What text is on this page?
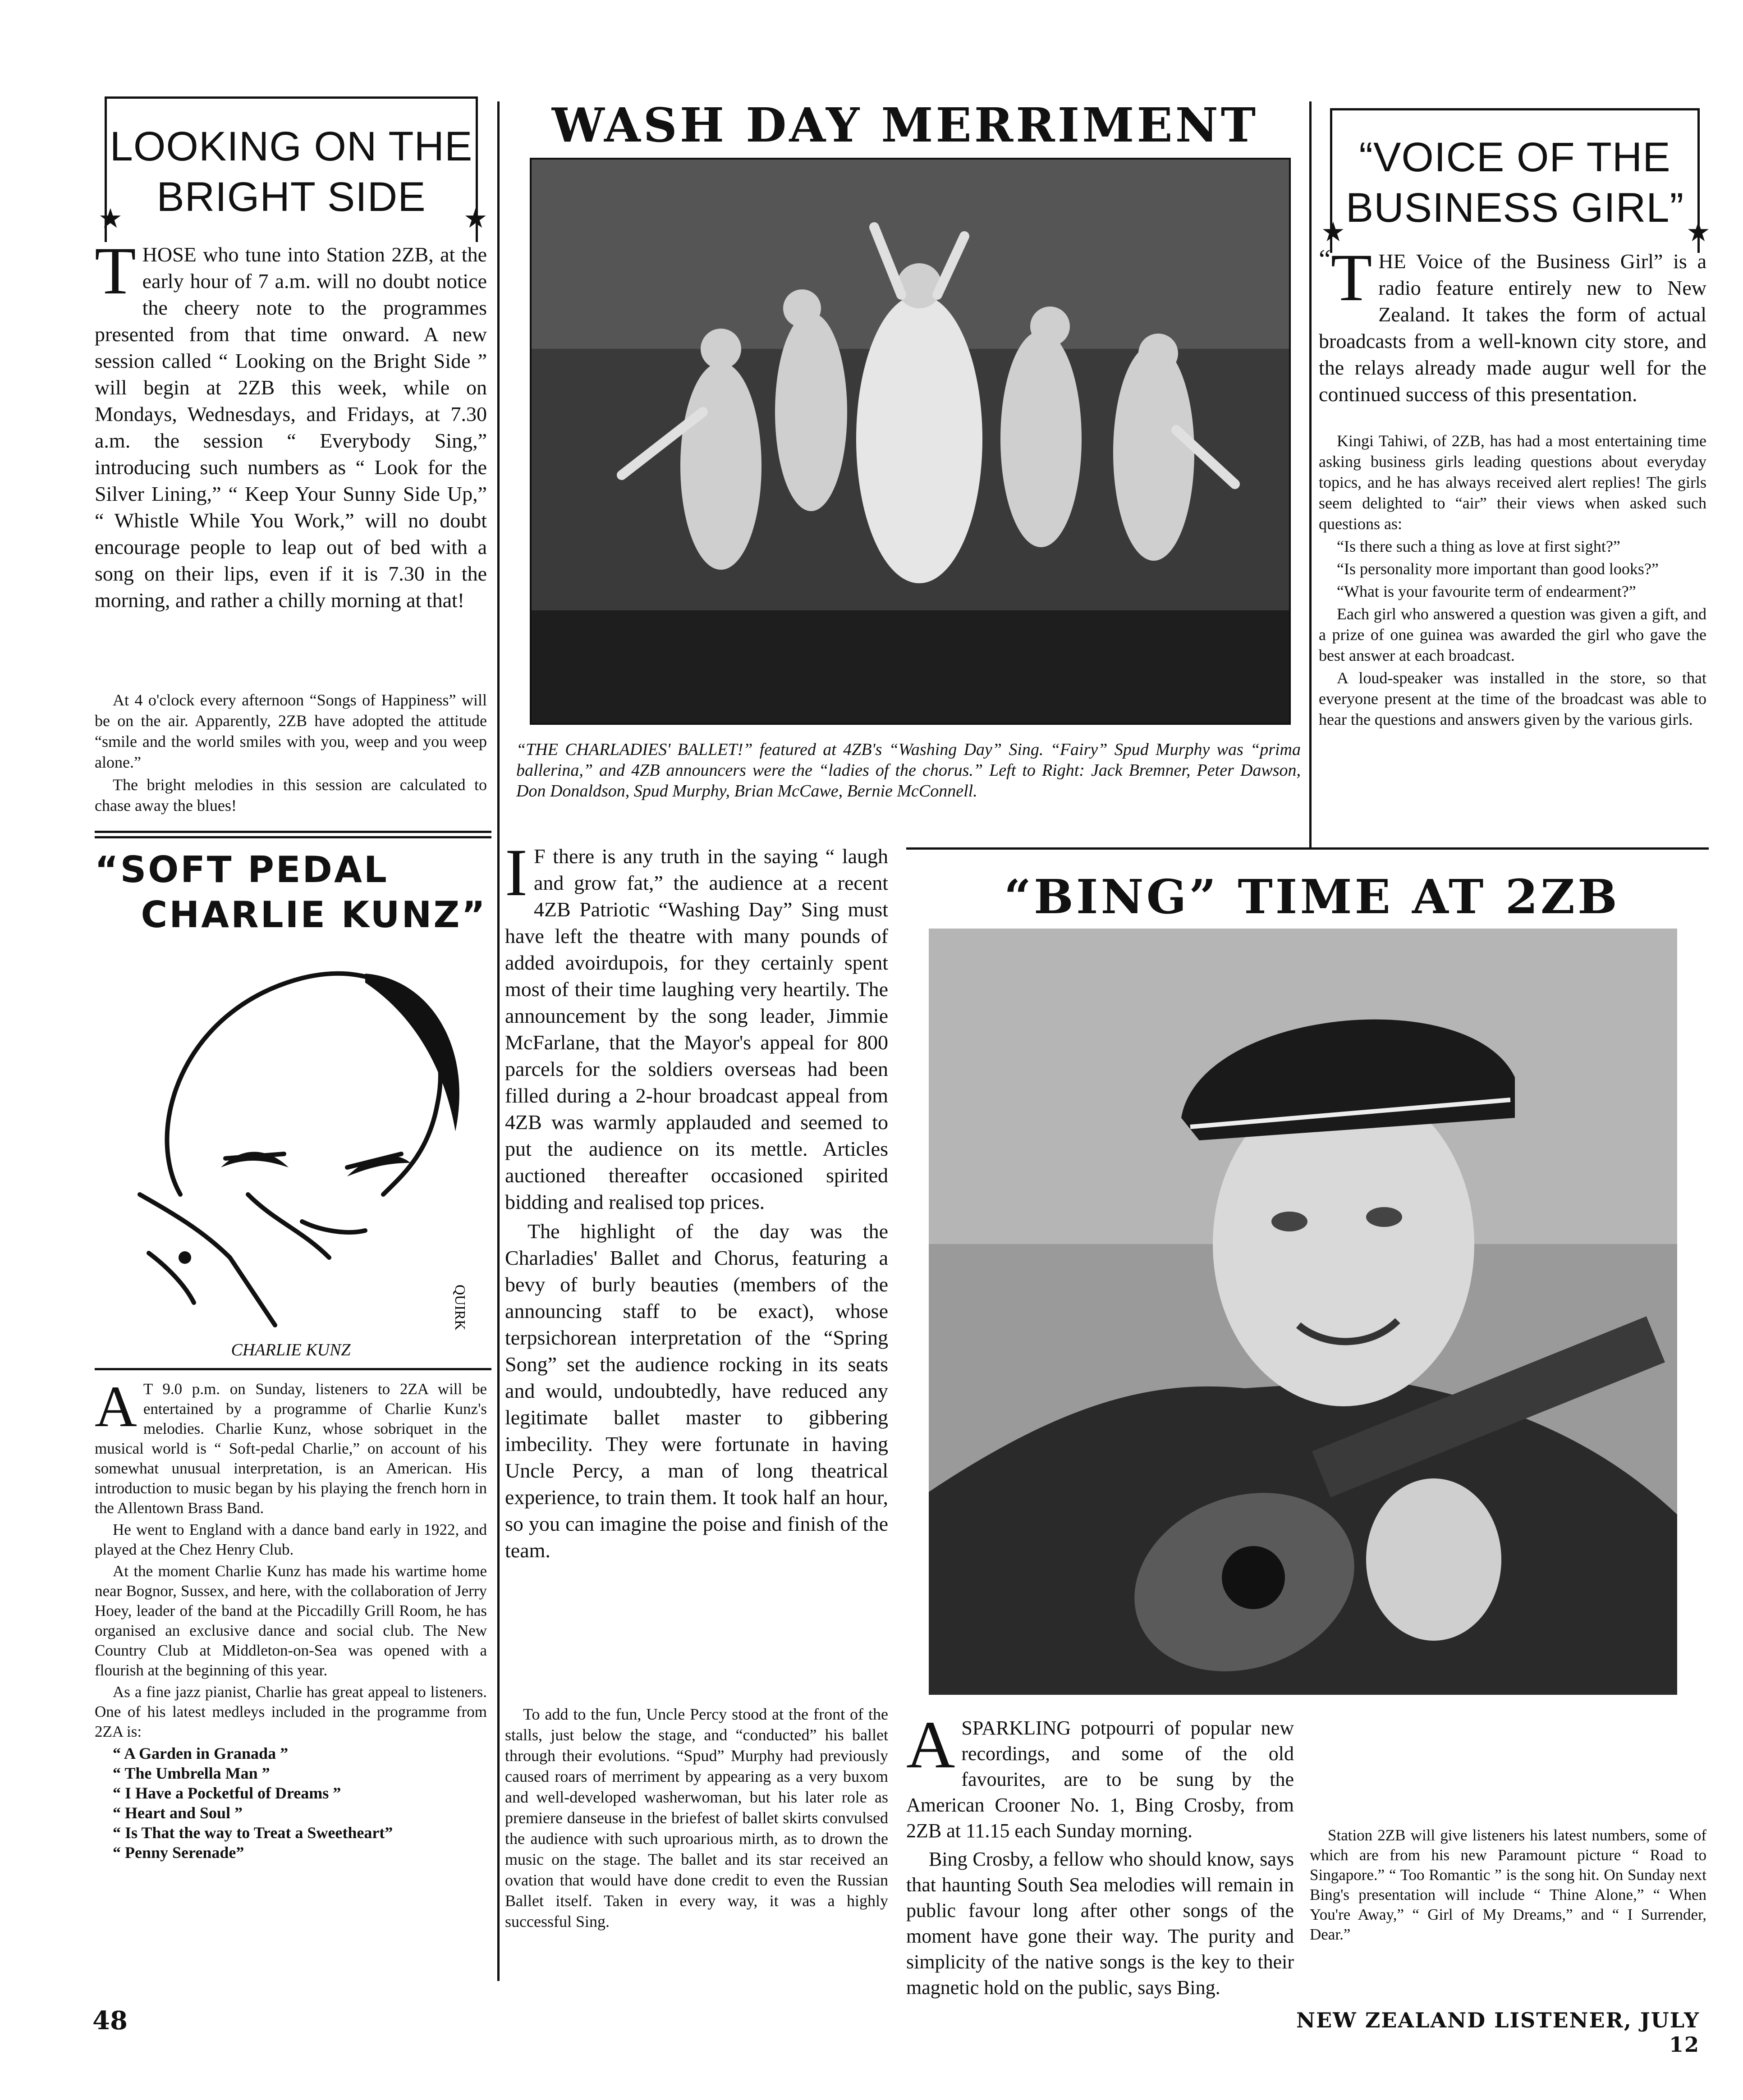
LOOKING ON THE
BRIGHT SIDE
★	★

THOSE who tune into Station 2ZB, at the early hour of 7 a.m. will no doubt notice the cheery note to the programmes presented from that time onward. A new session called “ Looking on the Bright Side ” will begin at 2ZB this week, while on Mondays, Wednesdays, and Fridays, at 7.30 a.m. the session “ Everybody Sing,” introducing such numbers as “ Look for the Silver Lining,” “ Keep Your Sunny Side Up,” “ Whistle While You Work,” will no doubt encourage people to leap out of bed with a song on their lips, even if it is 7.30 in the morning, and rather a chilly morning at that!

At 4 o'clock every afternoon “Songs of Happiness” will be on the air. Apparently, 2ZB have adopted the attitude “smile and the world smiles with you, weep and you weep alone.”

The bright melodies in this session are calculated to chase away the blues!

WASH DAY MERRIMENT
“THE CHARLADIES' BALLET!” featured at 4ZB's “Washing Day” Sing. “Fairy” Spud Murphy was “prima ballerina,” and 4ZB announcers were the “ladies of the chorus.” Left to Right: Jack Bremner, Peter Dawson, Don Donaldson, Spud Murphy, Brian McCawe, Bernie McConnell.

I F there is any truth in the saying “ laugh and grow fat,” the audience at a recent 4ZB Patriotic “Washing Day” Sing must have left the theatre with many pounds of added avoirdupois, for they certainly spent most of their time laughing very heartily. The announcement by the song leader, Jimmie McFarlane, that the Mayor's appeal for 800 parcels for the soldiers overseas had been filled during a 2-hour broadcast appeal from 4ZB was warmly applauded and seemed to put the audience on its mettle. Articles auctioned thereafter occasioned spirited bidding and realised top prices.

The highlight of the day was the Charladies' Ballet and Chorus, featuring a bevy of burly beauties (members of the announcing staff to be exact), whose terpsichorean interpretation of the “Spring Song” set the audience rocking in its seats and would, undoubtedly, have reduced any legitimate ballet master to gibbering imbecility. They were fortunate in having Uncle Percy, a man of long theatrical experience, to train them. It took half an hour, so you can imagine the poise and finish of the team.

To add to the fun, Uncle Percy stood at the front of the stalls, just below the stage, and “conducted” his ballet through their evolutions. “Spud” Murphy had previously caused roars of merriment by appearing as a very buxom and well-developed washerwoman, but his later role as premiere danseuse in the briefest of ballet skirts convulsed the audience with such uproarious mirth, as to drown the music on the stage. The ballet and its star received an ovation that would have done credit to even the Russian Ballet itself. Taken in every way, it was a highly successful Sing.

“VOICE OF THE
BUSINESS GIRL”
★	★

“ T HE Voice of the Business Girl” is a radio feature entirely new to New Zealand. It takes the form of actual broadcasts from a well-known city store, and the relays already made augur well for the continued success of this presentation.

Kingi Tahiwi, of 2ZB, has had a most entertaining time asking business girls leading questions about everyday topics, and he has always received alert replies! The girls seem delighted to “air” their views when asked such questions as:

“Is there such a thing as love at first sight?”

“Is personality more important than good looks?”

“What is your favourite term of endearment?”

Each girl who answered a question was given a gift, and a prize of one guinea was awarded the girl who gave the best answer at each broadcast.

A loud-speaker was installed in the store, so that everyone present at the time of the broadcast was able to hear the questions and answers given by the various girls.

“SOFT PEDAL
CHARLIE KUNZ”
QUIRK
CHARLIE KUNZ

A T 9.0 p.m. on Sunday, listeners to 2ZA will be entertained by a programme of Charlie Kunz's melodies. Charlie Kunz, whose sobriquet in the musical world is “ Soft-pedal Charlie,” on account of his somewhat unusual interpretation, is an American. His introduction to music began by his playing the french horn in the Allentown Brass Band.

He went to England with a dance band early in 1922, and played at the Chez Henry Club.

At the moment Charlie Kunz has made his wartime home near Bognor, Sussex, and here, with the collaboration of Jerry Hoey, leader of the band at the Piccadilly Grill Room, he has organised an exclusive dance and social club. The New Country Club at Middleton-on-Sea was opened with a flourish at the beginning of this year.

As a fine jazz pianist, Charlie has great appeal to listeners. One of his latest medleys included in the programme from 2ZA is:

“ A Garden in Granada ”
“ The Umbrella Man ”
“ I Have a Pocketful of Dreams ”
“ Heart and Soul ”
“ Is That the way to Treat a Sweetheart”
“ Penny Serenade”
“BING” TIME AT 2ZB

ASPARKLING potpourri of popular new recordings, and some of the old favourites, are to be sung by the American Crooner No. 1, Bing Crosby, from 2ZB at 11.15 each Sunday morning.

Bing Crosby, a fellow who should know, says that haunting South Sea melodies will remain in public favour long after other songs of the moment have gone their way. The purity and simplicity of the native songs is the key to their magnetic hold on the public, says Bing.

Station 2ZB will give listeners his latest numbers, some of which are from his new Paramount picture “ Road to Singapore.” “ Too Romantic ” is the song hit. On Sunday next Bing's presentation will include “ Thine Alone,” “ When You're Away,” “ Girl of My Dreams,” and “ I Surrender, Dear.”

48	NEW ZEALAND LISTENER, JULY 12
